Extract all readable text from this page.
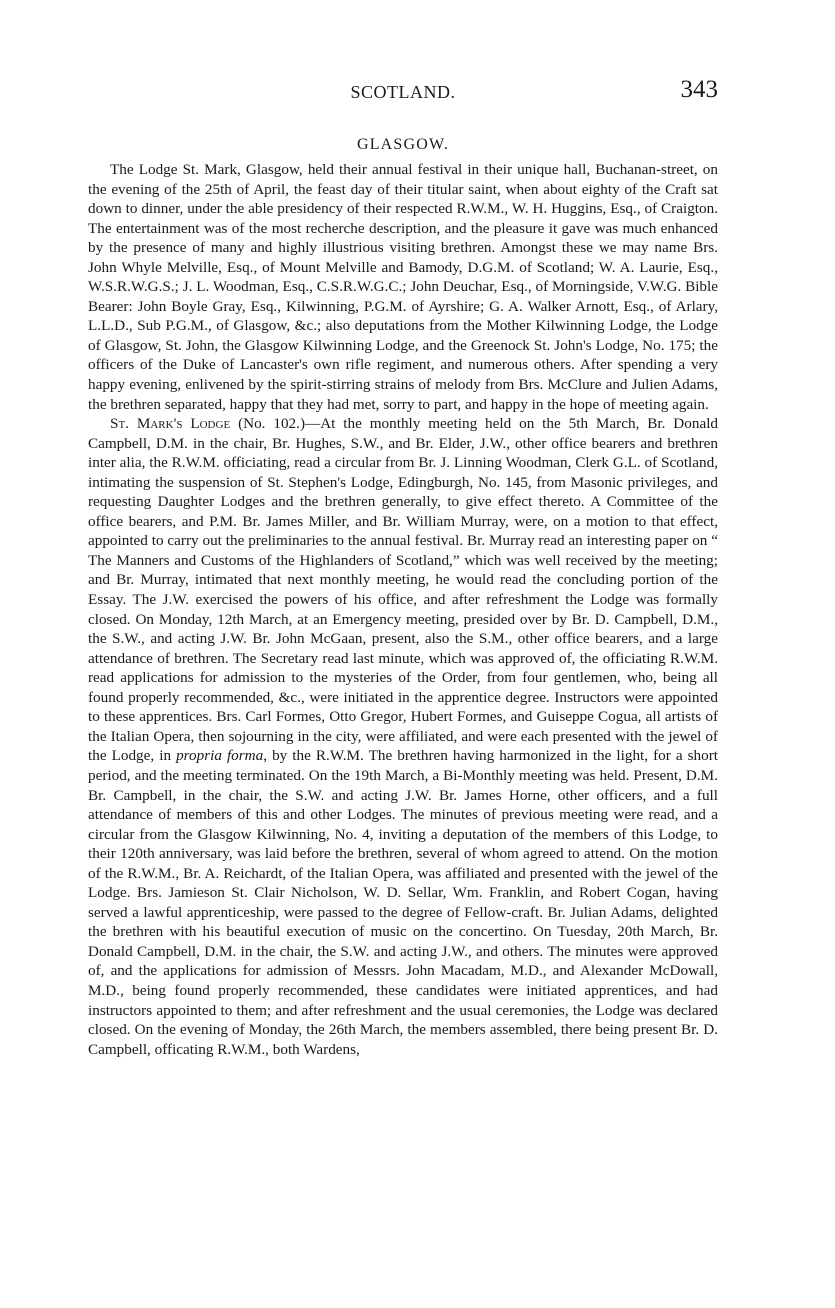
SCOTLAND.	343
GLASGOW.

The Lodge St. Mark, Glasgow, held their annual festival in their unique hall, Buchanan-street, on the evening of the 25th of April, the feast day of their titular saint, when about eighty of the Craft sat down to dinner, under the able presidency of their respected R.W.M., W. H. Huggins, Esq., of Craigton. The entertainment was of the most recherche description, and the pleasure it gave was much enhanced by the presence of many and highly illustrious visiting brethren. Amongst these we may name Brs. John Whyle Melville, Esq., of Mount Melville and Bamody, D.G.M. of Scotland; W. A. Laurie, Esq., W.S.R.W.G.S.; J. L. Woodman, Esq., C.S.R.W.G.C.; John Deuchar, Esq., of Morningside, V.W.G. Bible Bearer: John Boyle Gray, Esq., Kilwinning, P.G.M. of Ayrshire; G. A. Walker Arnott, Esq., of Arlary, L.L.D., Sub P.G.M., of Glasgow, &c.; also deputations from the Mother Kilwinning Lodge, the Lodge of Glasgow, St. John, the Glasgow Kilwinning Lodge, and the Greenock St. John's Lodge, No. 175; the officers of the Duke of Lancaster's own rifle regiment, and numerous others. After spending a very happy evening, enlivened by the spirit-stirring strains of melody from Brs. McClure and Julien Adams, the brethren separated, happy that they had met, sorry to part, and happy in the hope of meeting again.

St. Mark's Lodge (No. 102.)—At the monthly meeting held on the 5th March, Br. Donald Campbell, D.M. in the chair, Br. Hughes, S.W., and Br. Elder, J.W., other office bearers and brethren inter alia, the R.W.M. officiating, read a circular from Br. J. Linning Woodman, Clerk G.L. of Scotland, intimating the suspension of St. Stephen's Lodge, Edingburgh, No. 145, from Masonic privileges, and requesting Daughter Lodges and the brethren generally, to give effect thereto. A Committee of the office bearers, and P.M. Br. James Miller, and Br. William Murray, were, on a motion to that effect, appointed to carry out the preliminaries to the annual festival. Br. Murray read an interesting paper on “ The Manners and Customs of the Highlanders of Scotland,” which was well received by the meeting; and Br. Murray, intimated that next monthly meeting, he would read the concluding portion of the Essay. The J.W. exercised the powers of his office, and after refreshment the Lodge was formally closed. On Monday, 12th March, at an Emergency meeting, presided over by Br. D. Campbell, D.M., the S.W., and acting J.W. Br. John McGaan, present, also the S.M., other office bearers, and a large attendance of brethren. The Secretary read last minute, which was approved of, the officiating R.W.M. read applications for admission to the mysteries of the Order, from four gentlemen, who, being all found properly recommended, &c., were initiated in the apprentice degree. Instructors were appointed to these apprentices. Brs. Carl Formes, Otto Gregor, Hubert Formes, and Guiseppe Cogua, all artists of the Italian Opera, then sojourning in the city, were affiliated, and were each presented with the jewel of the Lodge, in propria forma, by the R.W.M. The brethren having harmonized in the light, for a short period, and the meeting terminated. On the 19th March, a Bi-Monthly meeting was held. Present, D.M. Br. Campbell, in the chair, the S.W. and acting J.W. Br. James Horne, other officers, and a full attendance of members of this and other Lodges. The minutes of previous meeting were read, and a circular from the Glasgow Kilwinning, No. 4, inviting a deputation of the members of this Lodge, to their 120th anniversary, was laid before the brethren, several of whom agreed to attend. On the motion of the R.W.M., Br. A. Reichardt, of the Italian Opera, was affiliated and presented with the jewel of the Lodge. Brs. Jamieson St. Clair Nicholson, W. D. Sellar, Wm. Franklin, and Robert Cogan, having served a lawful apprenticeship, were passed to the degree of Fellow-craft. Br. Julian Adams, delighted the brethren with his beautiful execution of music on the concertino. On Tuesday, 20th March, Br. Donald Campbell, D.M. in the chair, the S.W. and acting J.W., and others. The minutes were approved of, and the applications for admission of Messrs. John Macadam, M.D., and Alexander McDowall, M.D., being found properly recommended, these candidates were initiated apprentices, and had instructors appointed to them; and after refreshment and the usual ceremonies, the Lodge was declared closed. On the evening of Monday, the 26th March, the members assembled, there being present Br. D. Campbell, officating R.W.M., both Wardens,
